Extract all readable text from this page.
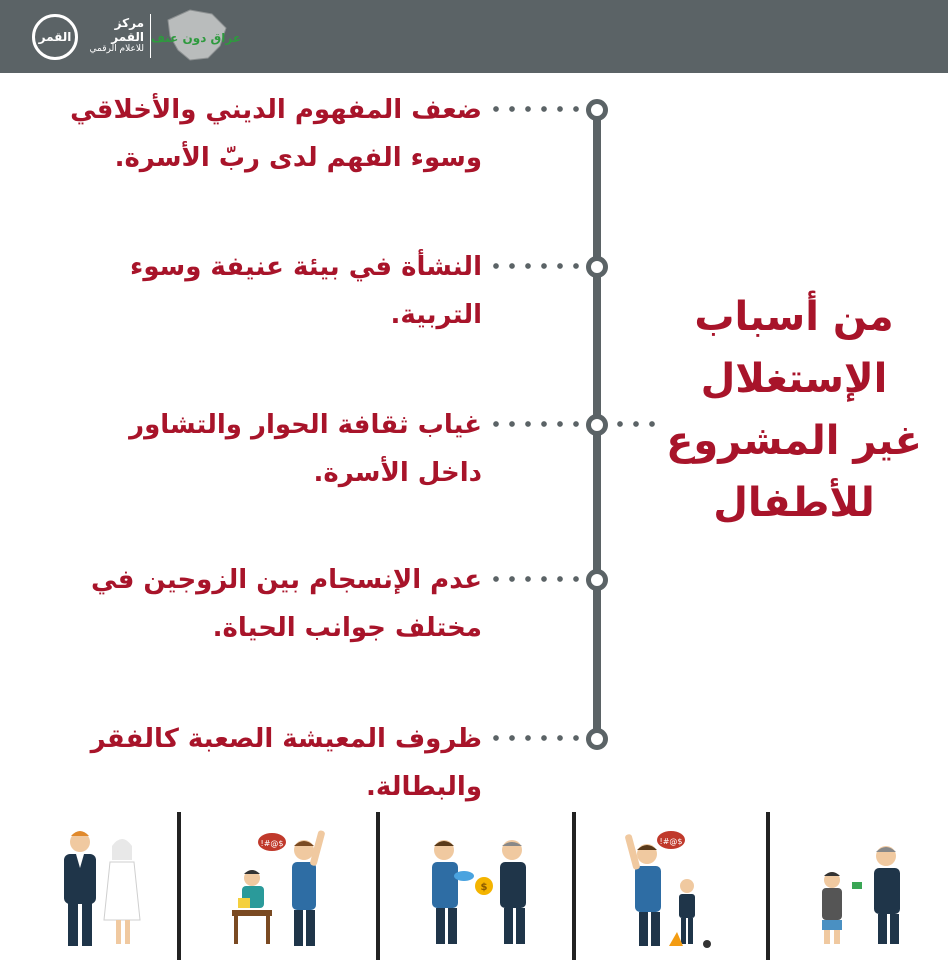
القمر
مركز القمر
للاعلام الرقمي
عراق دون عنف
ضعف المفهوم الديني والأخلاقي وسوء الفهم لدى ربّ الأسرة.
النشأة في بيئة عنيفة وسوء التربية.
غياب ثقافة الحوار والتشاور داخل الأسرة.
عدم الإنسجام بين الزوجين في مختلف جوانب الحياة.
ظروف المعيشة الصعبة كالفقر والبطالة.
من أسباب الإستغلال غير المشروع للأطفال
!#@$
$
!#@$
